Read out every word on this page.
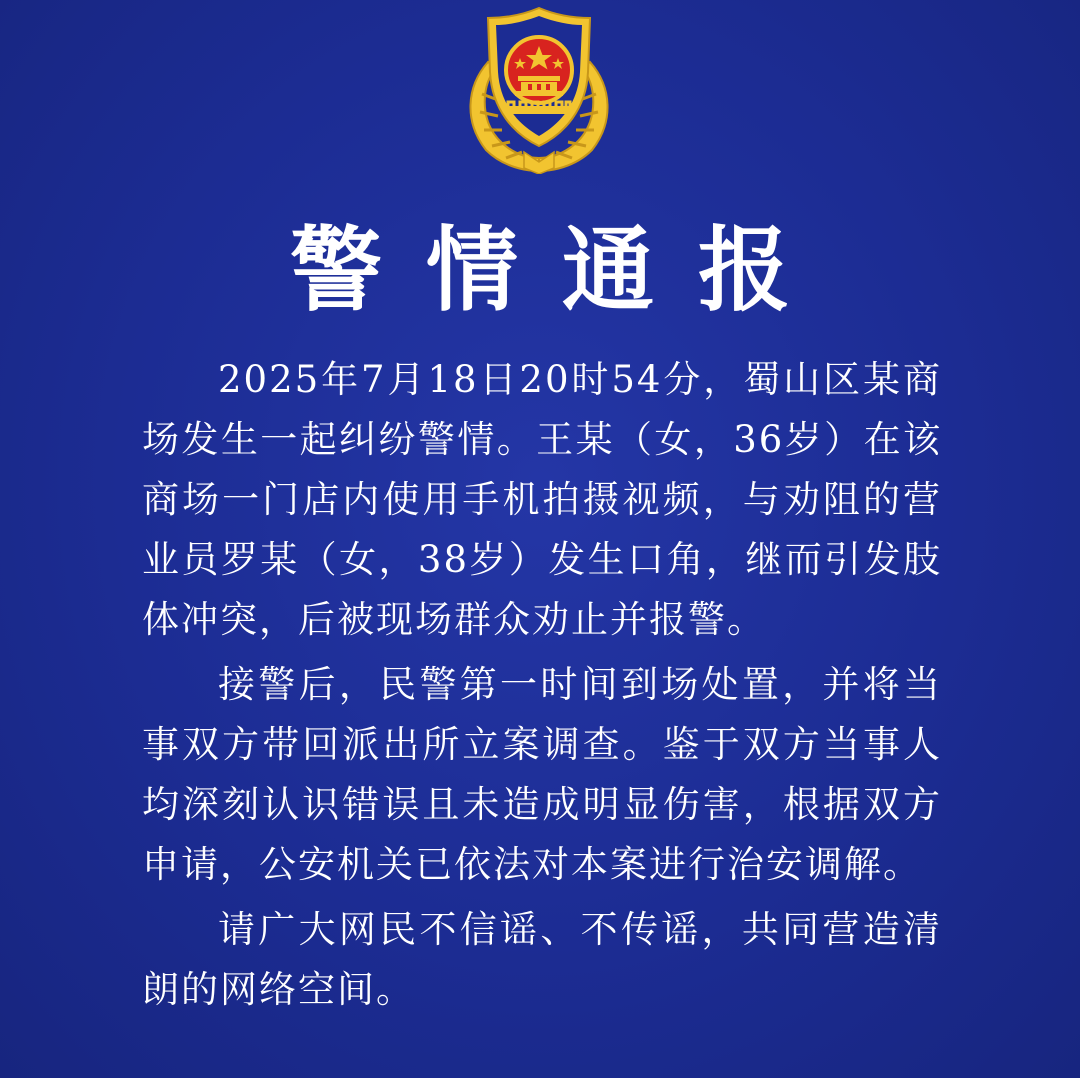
警情通报

2025年7月18日20时54分，蜀山区某商场发生一起纠纷警情。王某（女，36岁）在该商场一门店内使用手机拍摄视频，与劝阻的营业员罗某（女，38岁）发生口角，继而引发肢体冲突，后被现场群众劝止并报警。

接警后，民警第一时间到场处置，并将当事双方带回派出所立案调查。鉴于双方当事人均深刻认识错误且未造成明显伤害，根据双方申请，公安机关已依法对本案进行治安调解。

请广大网民不信谣、不传谣，共同营造清朗的网络空间。
